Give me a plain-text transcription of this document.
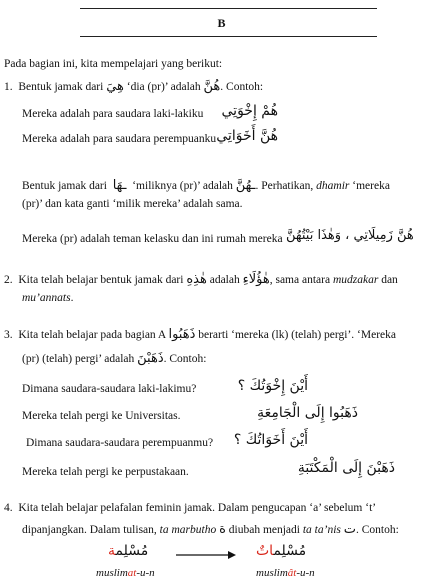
B
Pada bagian ini, kita mempelajari yang berikut:
1. Bentuk jamak dari هِيَ ‘dia (pr)’ adalah هُنَّ. Contoh:
Mereka adalah para saudara laki-lakiku هُمْ إِخْوَتِي
Mereka adalah para saudara perempuanku هُنَّ أَخَوَاتِي
Bentuk jamak dari ـهَا ‘miliknya (pr)’ adalah ـهُنَّ. Perhatikan, dhamir ‘mereka
(pr)’ dan kata ganti ‘milik mereka’ adalah sama.
Mereka (pr) adalah teman kelasku dan ini rumah mereka هُنَّ زَمِيلَاتِي ، وَهٰذَا بَيْتُهُنَّ
2. Kita telah belajar bentuk jamak dari هٰذِهِ adalah هٰؤُلَاءِ, sama antara mudzakar dan
mu’annats.
3. Kita telah belajar pada bagian A ذَهَبُوا berarti ‘mereka (lk) (telah) pergi’. ‘Mereka
(pr) (telah) pergi’ adalah ذَهَبْنَ. Contoh:
Dimana saudara-saudara laki-lakimu?	أَيْنَ إِخْوَتُكَ ؟
Mereka telah pergi ke Universitas.	ذَهَبُوا إِلَى الْجَامِعَةِ
Dimana saudara-saudara perempuanmu? أَيْنَ أَخَوَاتُكَ ؟
Mereka telah pergi ke perpustakaan.	ذَهَبْنَ إِلَى الْمَكْتَبَةِ
4. Kita telah belajar pelafalan feminin jamak. Dalam pengucapan ‘a’ sebelum ‘t’
dipanjangkan. Dalam tulisan, ta marbutho ة diubah menjadi ta ta’nis ت. Contoh:
مُسْلِمة
muslimat-u-n
مُسْلِماتٌ
muslimât-u-n
